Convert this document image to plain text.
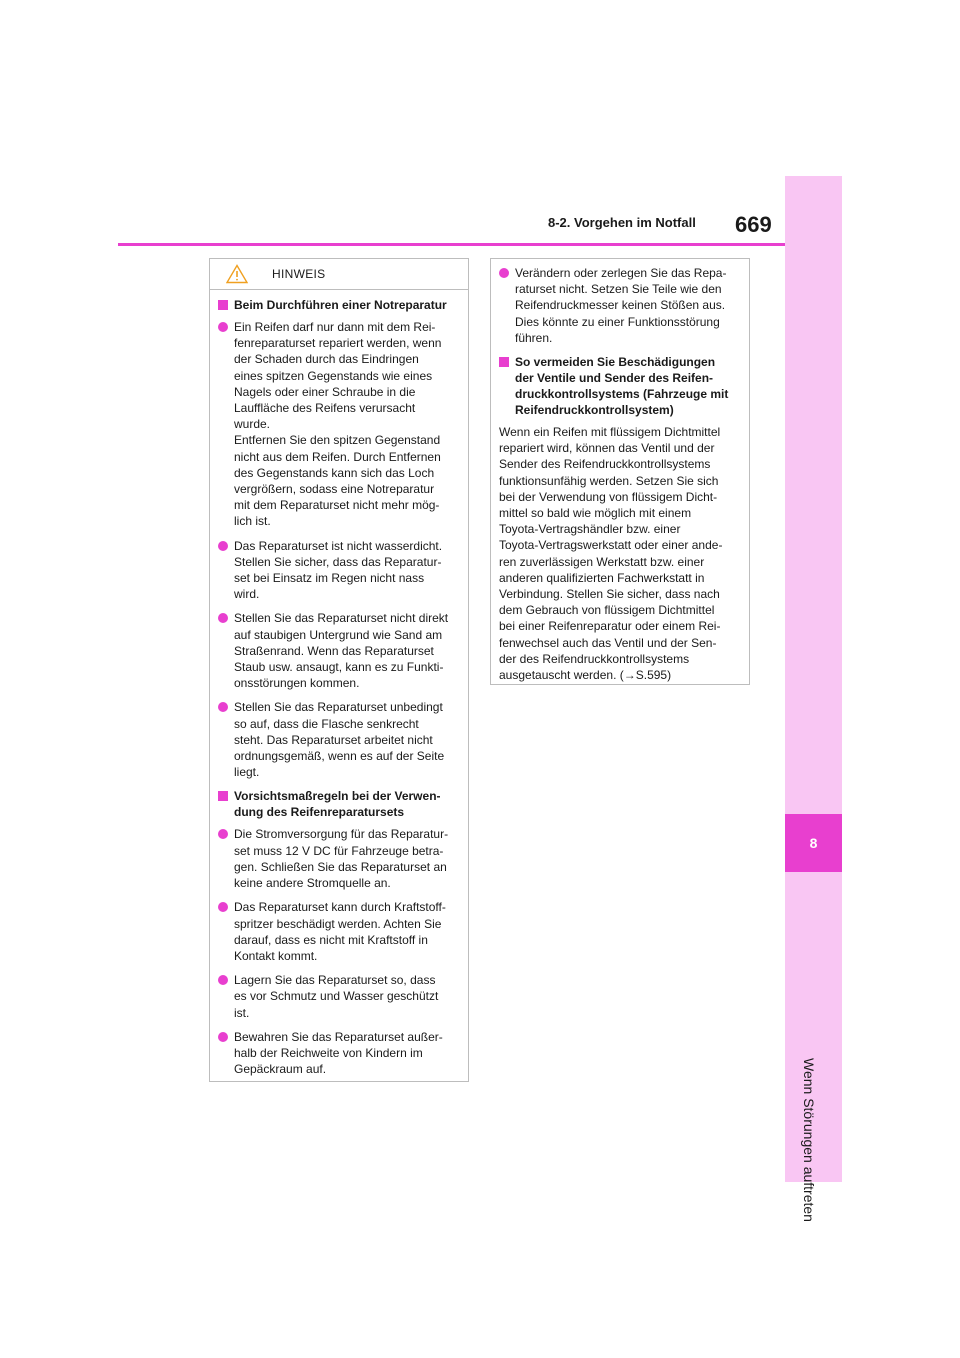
8
Wenn Störungen auftreten
8-2. Vorgehen im Notfall 669
HINWEIS
Beim Durchführen einer Notreparatur
Ein Reifen darf nur dann mit dem Rei-
fenreparaturset repariert werden, wenn
der Schaden durch das Eindringen
eines spitzen Gegenstands wie eines
Nagels oder einer Schraube in die
Lauffläche des Reifens verursacht
wurde.
Entfernen Sie den spitzen Gegenstand
nicht aus dem Reifen. Durch Entfernen
des Gegenstands kann sich das Loch
vergrößern, sodass eine Notreparatur
mit dem Reparaturset nicht mehr mög-
lich ist.
Das Reparaturset ist nicht wasserdicht.
Stellen Sie sicher, dass das Reparatur-
set bei Einsatz im Regen nicht nass
wird.
Stellen Sie das Reparaturset nicht direkt
auf staubigen Untergrund wie Sand am
Straßenrand. Wenn das Reparaturset
Staub usw. ansaugt, kann es zu Funkti-
onsstörungen kommen.
Stellen Sie das Reparaturset unbedingt
so auf, dass die Flasche senkrecht
steht. Das Reparaturset arbeitet nicht
ordnungsgemäß, wenn es auf der Seite
liegt.
Vorsichtsmaßregeln bei der Verwen-
dung des Reifenreparatursets
Die Stromversorgung für das Reparatur-
set muss 12 V DC für Fahrzeuge betra-
gen. Schließen Sie das Reparaturset an
keine andere Stromquelle an.
Das Reparaturset kann durch Kraftstoff-
spritzer beschädigt werden. Achten Sie
darauf, dass es nicht mit Kraftstoff in
Kontakt kommt.
Lagern Sie das Reparaturset so, dass
es vor Schmutz und Wasser geschützt
ist.
Bewahren Sie das Reparaturset außer-
halb der Reichweite von Kindern im
Gepäckraum auf.
Verändern oder zerlegen Sie das Repa-
raturset nicht. Setzen Sie Teile wie den
Reifendruckmesser keinen Stößen aus.
Dies könnte zu einer Funktionsstörung
führen.
So vermeiden Sie Beschädigungen
der Ventile und Sender des Reifen-
druckkontrollsystems (Fahrzeuge mit
Reifendruckkontrollsystem)
Wenn ein Reifen mit flüssigem Dichtmittel
repariert wird, können das Ventil und der
Sender des Reifendruckkontrollsystems
funktionsunfähig werden. Setzen Sie sich
bei der Verwendung von flüssigem Dicht-
mittel so bald wie möglich mit einem
Toyota-Vertragshändler bzw. einer
Toyota-Vertragswerkstatt oder einer ande-
ren zuverlässigen Werkstatt bzw. einer
anderen qualifizierten Fachwerkstatt in
Verbindung. Stellen Sie sicher, dass nach
dem Gebrauch von flüssigem Dichtmittel
bei einer Reifenreparatur oder einem Rei-
fenwechsel auch das Ventil und der Sen-
der des Reifendruckkontrollsystems
ausgetauscht werden. (→S.595)
